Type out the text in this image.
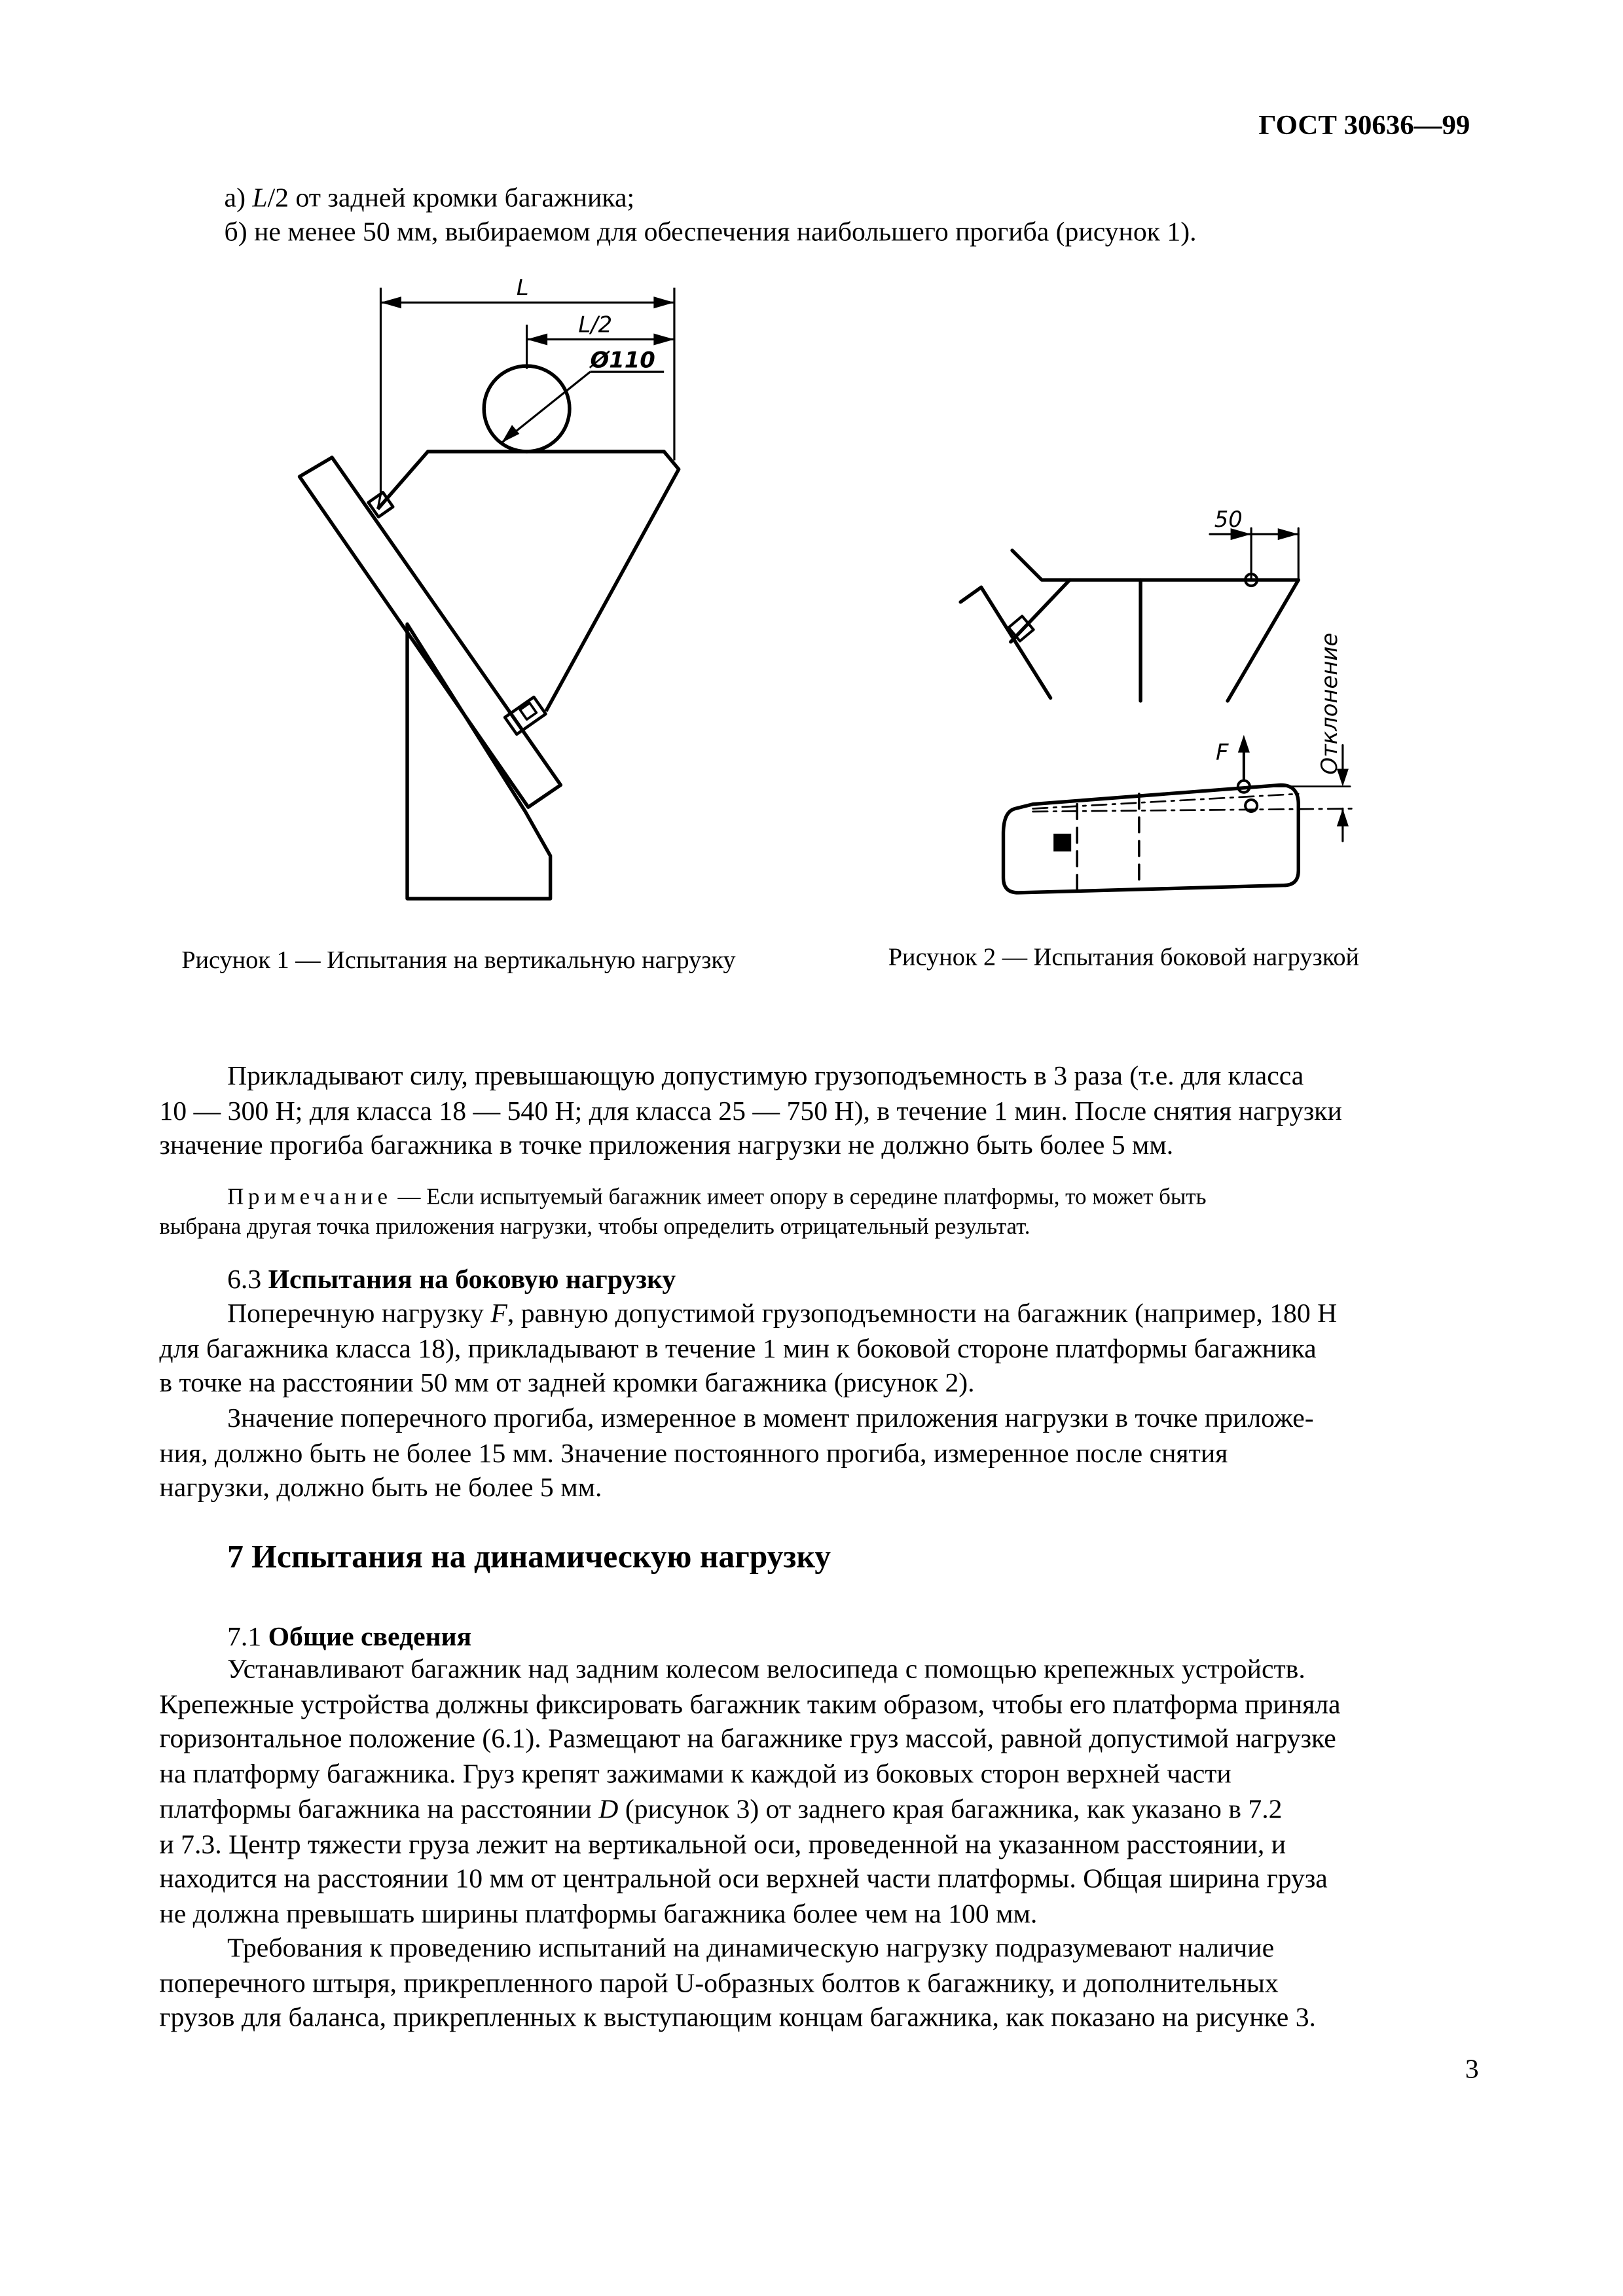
ГОСТ 30636—99
а) L/2 от задней кромки багажника;
б) не менее 50 мм, выбираемом для обеспечения наибольшего прогиба (рисунок 1).
L
L/2
Ø110
50
F	Отклонение
Рисунок 1 — Испытания на вертикальную нагрузку	Рисунок 2 — Испытания боковой нагрузкой
Прикладывают силу, превышающую допустимую грузоподъемность в 3 раза (т.е. для класса
10 — 300 Н; для класса 18 — 540 Н; для класса 25 — 750 Н), в течение 1 мин. После снятия нагрузки
значение прогиба багажника в точке приложения нагрузки не должно быть более 5 мм.
Примечание — Если испытуемый багажник имеет опору в середине платформы, то может быть
выбрана другая точка приложения нагрузки, чтобы определить отрицательный результат.
6.3 Испытания на боковую нагрузку
Поперечную нагрузку F, равную допустимой грузоподъемности на багажник (например, 180 Н
для багажника класса 18), прикладывают в течение 1 мин к боковой стороне платформы багажника
в точке на расстоянии 50 мм от задней кромки багажника (рисунок 2).
Значение поперечного прогиба, измеренное в момент приложения нагрузки в точке приложе-
ния, должно быть не более 15 мм. Значение постоянного прогиба, измеренное после снятия
нагрузки, должно быть не более 5 мм.
7 Испытания на динамическую нагрузку
7.1 Общие сведения
Устанавливают багажник над задним колесом велосипеда с помощью крепежных устройств.
Крепежные устройства должны фиксировать багажник таким образом, чтобы его платформа приняла
горизонтальное положение (6.1). Размещают на багажнике груз массой, равной допустимой нагрузке
на платформу багажника. Груз крепят зажимами к каждой из боковых сторон верхней части
платформы багажника на расстоянии D (рисунок 3) от заднего края багажника, как указано в 7.2
и 7.3. Центр тяжести груза лежит на вертикальной оси, проведенной на указанном расстоянии, и
находится на расстоянии 10 мм от центральной оси верхней части платформы. Общая ширина груза
не должна превышать ширины платформы багажника более чем на 100 мм.
Требования к проведению испытаний на динамическую нагрузку подразумевают наличие
поперечного штыря, прикрепленного парой U-образных болтов к багажнику, и дополнительных
грузов для баланса, прикрепленных к выступающим концам багажника, как показано на рисунке 3.
3
